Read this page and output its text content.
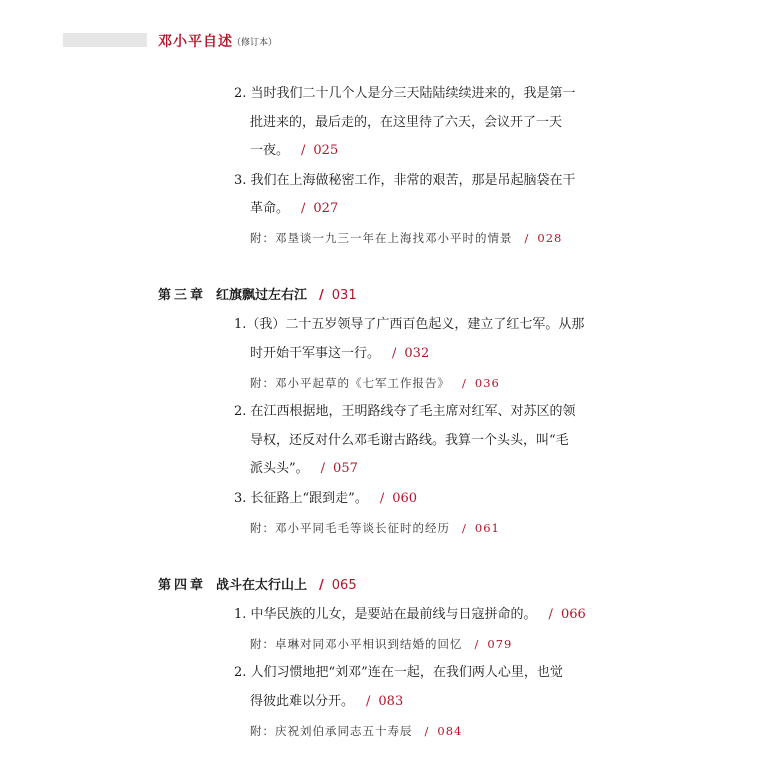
邓小平自述 （修订本）
2. 当时我们二十几个人是分三天陆陆续续进来的，我是第一
批进来的，最后走的，在这里待了六天，会议开了一天
一夜。 / 025
3. 我们在上海做秘密工作，非常的艰苦，那是吊起脑袋在干
革命。 / 027
附：邓垦谈一九三一年在上海找邓小平时的情景 / 028
第三章 红旗飘过左右江 / 031
1.（我）二十五岁领导了广西百色起义，建立了红七军。从那
时开始干军事这一行。 / 032
附：邓小平起草的《七军工作报告》 / 036
2. 在江西根据地，王明路线夺了毛主席对红军、对苏区的领
导权，还反对什么邓毛谢古路线。我算一个头头，叫“毛
派头头”。 / 057
3. 长征路上“跟到走”。 / 060
附：邓小平同毛毛等谈长征时的经历 / 061
第四章 战斗在太行山上 / 065
1. 中华民族的儿女，是要站在最前线与日寇拼命的。 / 066
附：卓琳对同邓小平相识到结婚的回忆 / 079
2. 人们习惯地把“刘邓”连在一起，在我们两人心里，也觉
得彼此难以分开。 / 083
附：庆祝刘伯承同志五十寿辰 / 084
